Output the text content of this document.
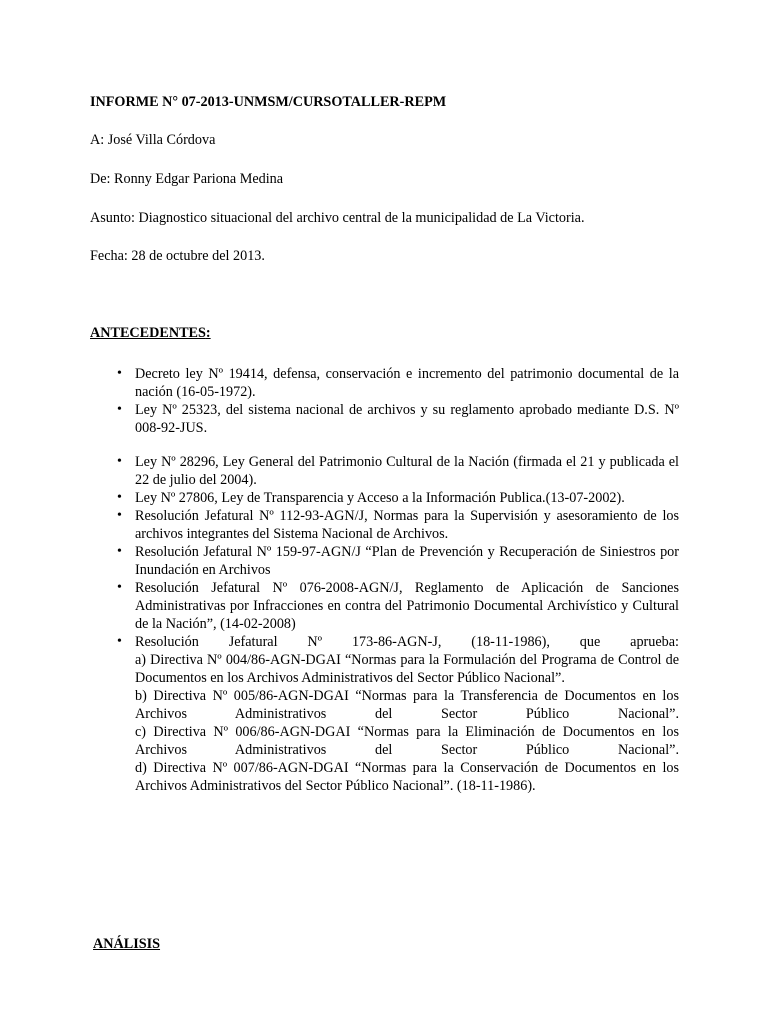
INFORME N° 07-2013-UNMSM/CURSOTALLER-REPM
A: José Villa Córdova
De: Ronny Edgar Pariona Medina
Asunto: Diagnostico situacional del archivo central de la municipalidad de La Victoria.
Fecha: 28 de octubre del 2013.
ANTECEDENTES:
• Decreto ley Nº 19414, defensa, conservación e incremento del patrimonio documental de la nación (16-05-1972).
• Ley Nº 25323, del sistema nacional de archivos y su reglamento aprobado mediante D.S. Nº 008-92-JUS.
• Ley Nº 28296, Ley General del Patrimonio Cultural de la Nación (firmada el 21 y publicada el 22 de julio del 2004).
• Ley Nº 27806, Ley de Transparencia y Acceso a la Información Publica.(13-07-2002).
• Resolución Jefatural Nº 112-93-AGN/J, Normas para la Supervisión y asesoramiento de los archivos integrantes del Sistema Nacional de Archivos.
• Resolución Jefatural Nº 159-97-AGN/J “Plan de Prevención y Recuperación de Siniestros por Inundación en Archivos
• Resolución Jefatural Nº 076-2008-AGN/J, Reglamento de Aplicación de Sanciones Administrativas por Infracciones en contra del Patrimonio Documental Archivístico y Cultural de la Nación”, (14-02-2008)
• Resolución Jefatural Nº 173-86-AGN-J, (18-11-1986), que aprueba:
a) Directiva Nº 004/86-AGN-DGAI “Normas para la Formulación del Programa de Control de Documentos en los Archivos Administrativos del Sector Público Nacional”.
b) Directiva Nº 005/86-AGN-DGAI “Normas para la Transferencia de Documentos en los Archivos Administrativos del Sector Público Nacional”.
c) Directiva Nº 006/86-AGN-DGAI “Normas para la Eliminación de Documentos en los Archivos Administrativos del Sector Público Nacional”.
d) Directiva Nº 007/86-AGN-DGAI “Normas para la Conservación de Documentos en los Archivos Administrativos del Sector Público Nacional”. (18-11-1986).
ANÁLISIS
